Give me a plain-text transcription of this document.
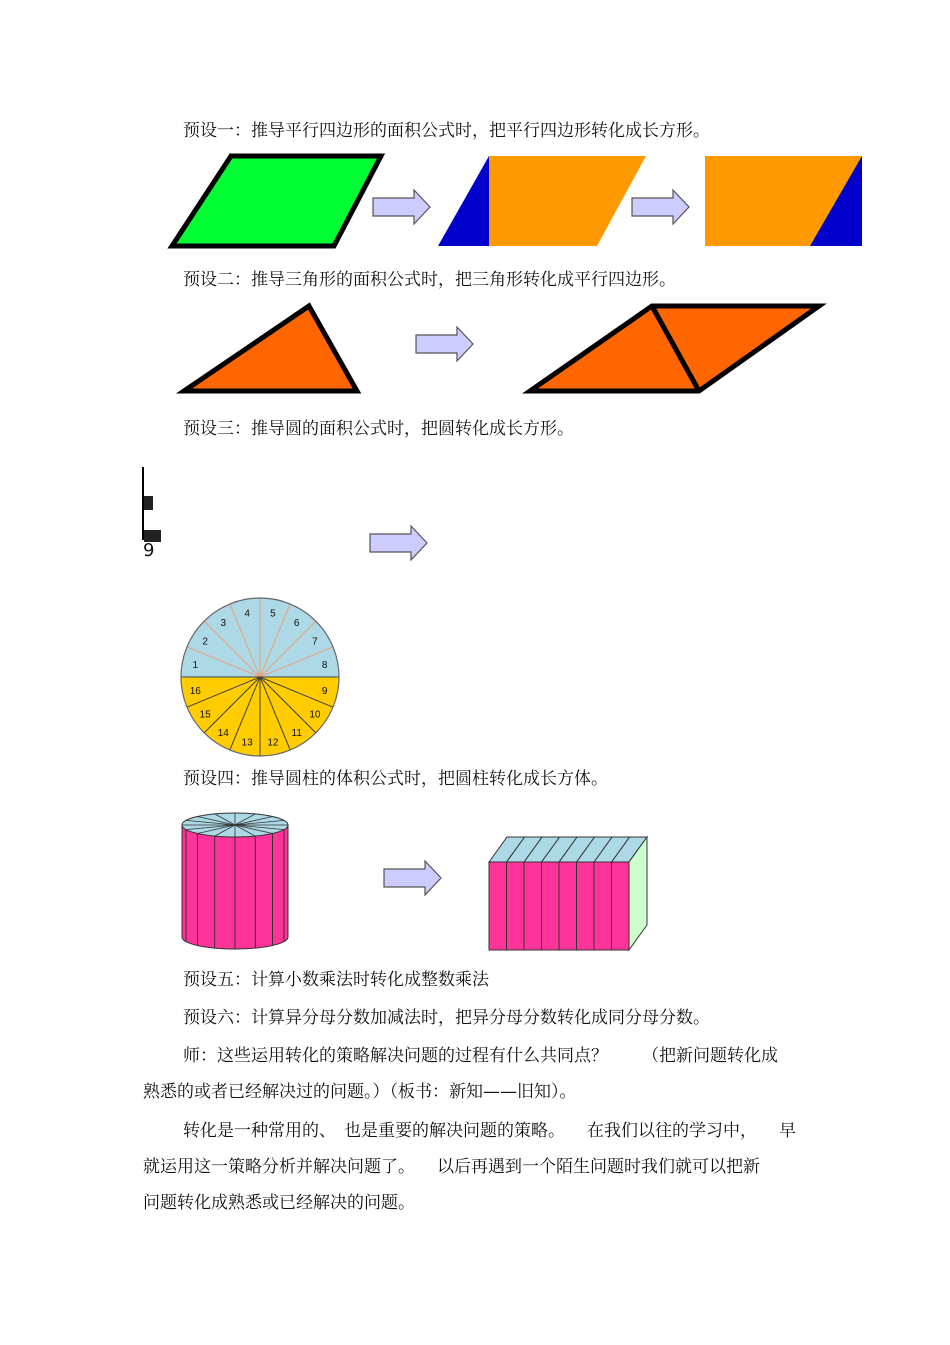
预设一：推导平行四边形的面积公式时，把平行四边形转化成长方形。
预设二：推导三角形的面积公式时，把三角形转化成平行四边形。
预设三：推导圆的面积公式时，把圆转化成长方形。
9
1
2
3
4 5
6
7
8
9
10
11
12
13
14
15
16
预设四：推导圆柱的体积公式时，把圆柱转化成长方体。
预设五：计算小数乘法时转化成整数乘法
预设六：计算异分母分数加减法时，把异分母分数转化成同分母分数。
师：这些运用转化的策略解决问题的过程有什么共同点？ （把新问题转化成
熟悉的或者已经解决过的问题。）（板书：新知——旧知）。
转化是一种常用的、 也是重要的解决问题的策略。 在我们以往的学习中， 早
就运用这一策略分析并解决问题了。 以后再遇到一个陌生问题时我们就可以把新
问题转化成熟悉或已经解决的问题。
